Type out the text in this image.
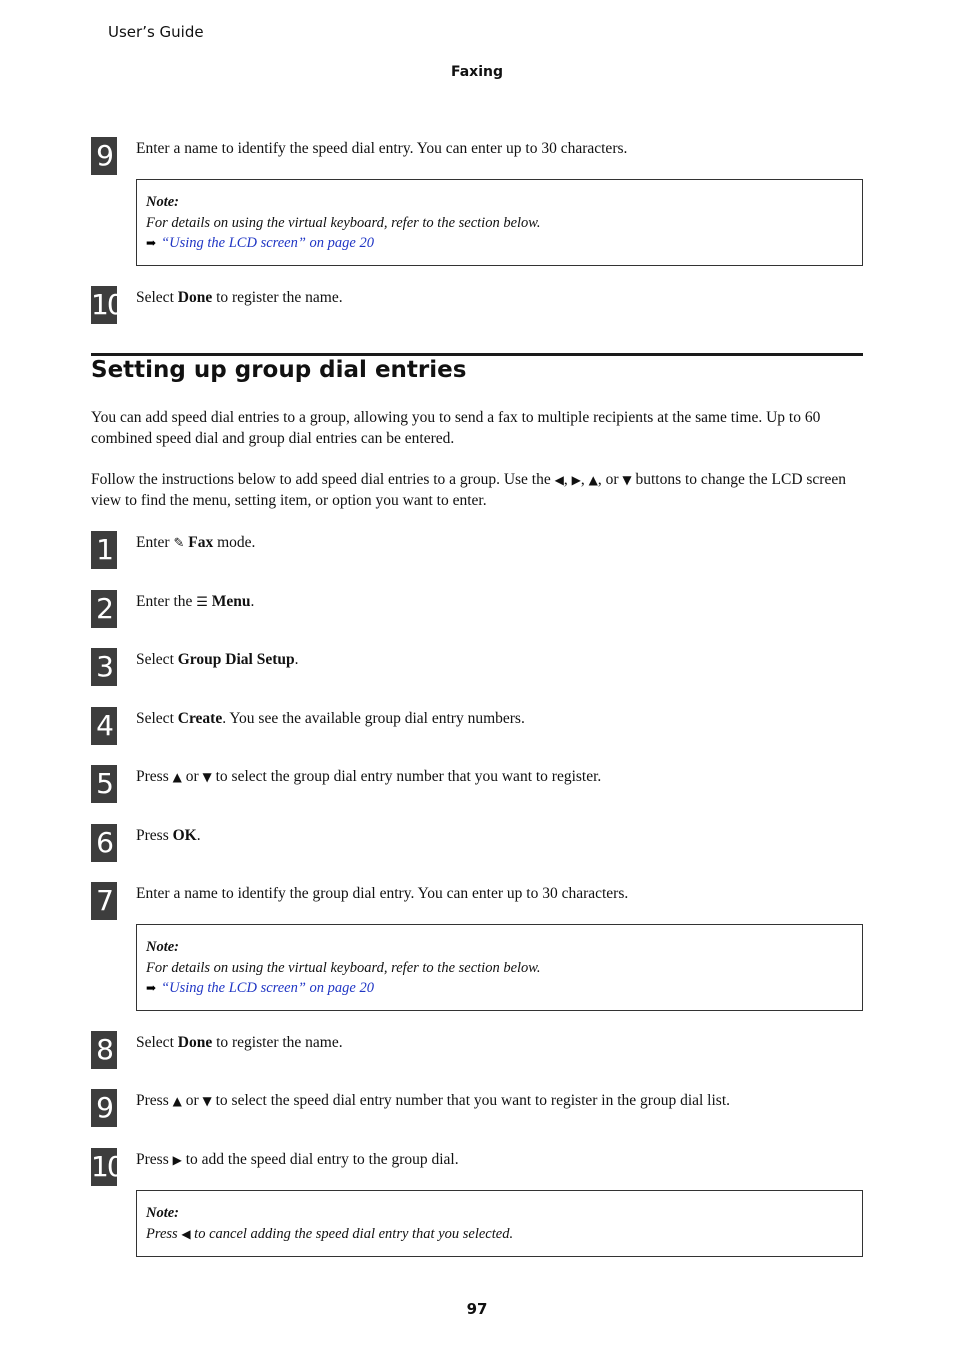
User’s Guide
Faxing
9	Enter a name to identify the speed dial entry. You can enter up to 30 characters.
Note:
For details on using the virtual keyboard, refer to the section below.
➡ “Using the LCD screen” on page 20
10 Select Done to register the name.
Setting up group dial entries

You can add speed dial entries to a group, allowing you to send a fax to multiple recipients at the same time. Up to 60 combined speed dial and group dial entries can be entered.

Follow the instructions below to add speed dial entries to a group. Use the ◀, ▶, ▲, or ▼ buttons to change the LCD screen view to find the menu, setting item, or option you want to enter.

1	Enter ✎ Fax mode.
2	Enter the ☰ Menu.
3	Select Group Dial Setup.
4	Select Create. You see the available group dial entry numbers.
5	Press ▲ or ▼ to select the group dial entry number that you want to register.
6	Press OK.
7	Enter a name to identify the group dial entry. You can enter up to 30 characters.
Note:
For details on using the virtual keyboard, refer to the section below.
➡ “Using the LCD screen” on page 20
8	Select Done to register the name.
9	Press ▲ or ▼ to select the speed dial entry number that you want to register in the group dial list.
10 Press ▶ to add the speed dial entry to the group dial.
Note:
Press ◀ to cancel adding the speed dial entry that you selected.
97
